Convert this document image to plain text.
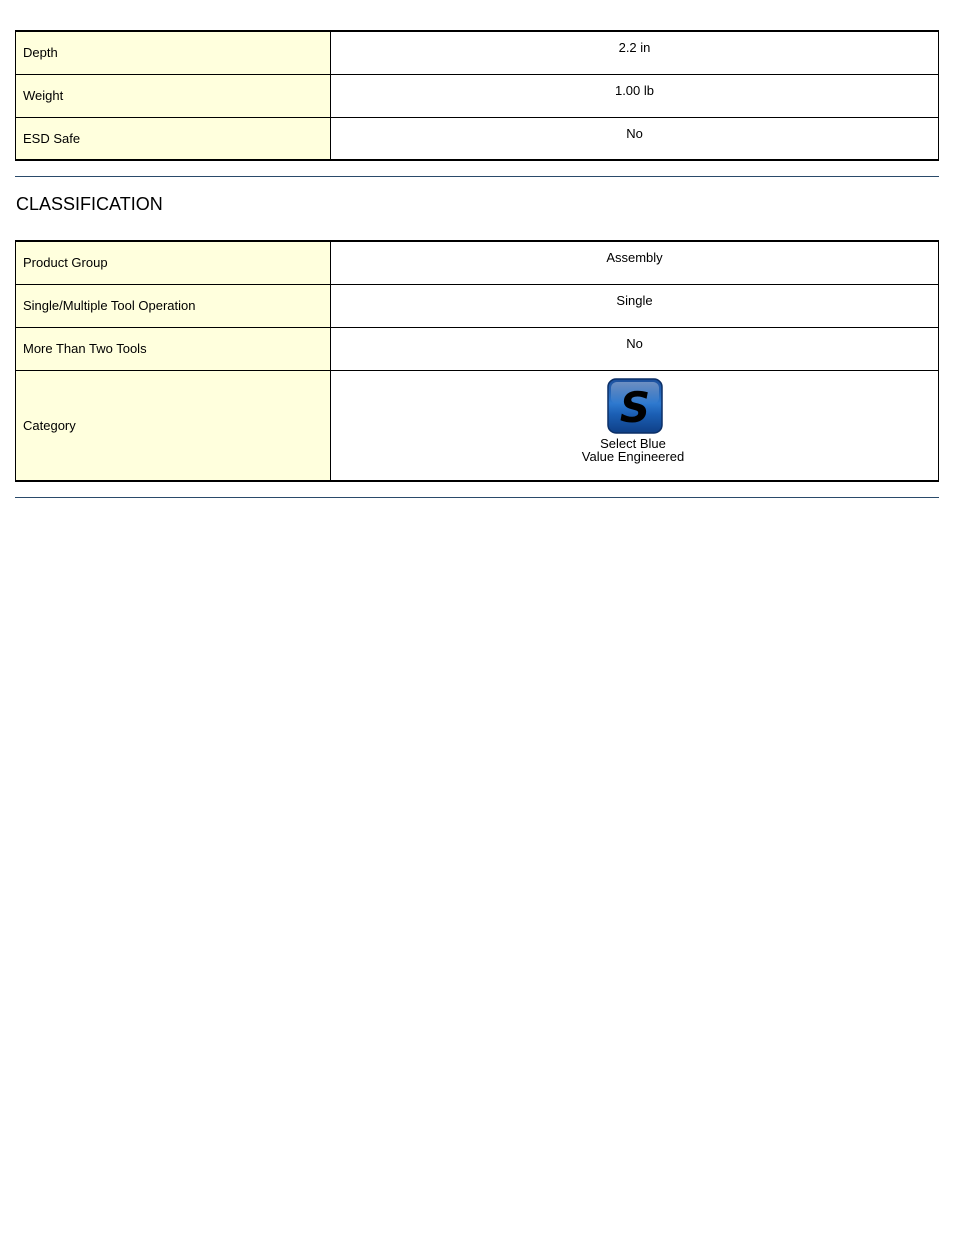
Depth	2.2 in
Weight	1.00 lb
ESD Safe	No
CLASSIFICATION
Product Group	Assembly
Single/Multiple Tool Operation	Single
More Than Two Tools	No
Category	S
Select Blue
Value Engineered
